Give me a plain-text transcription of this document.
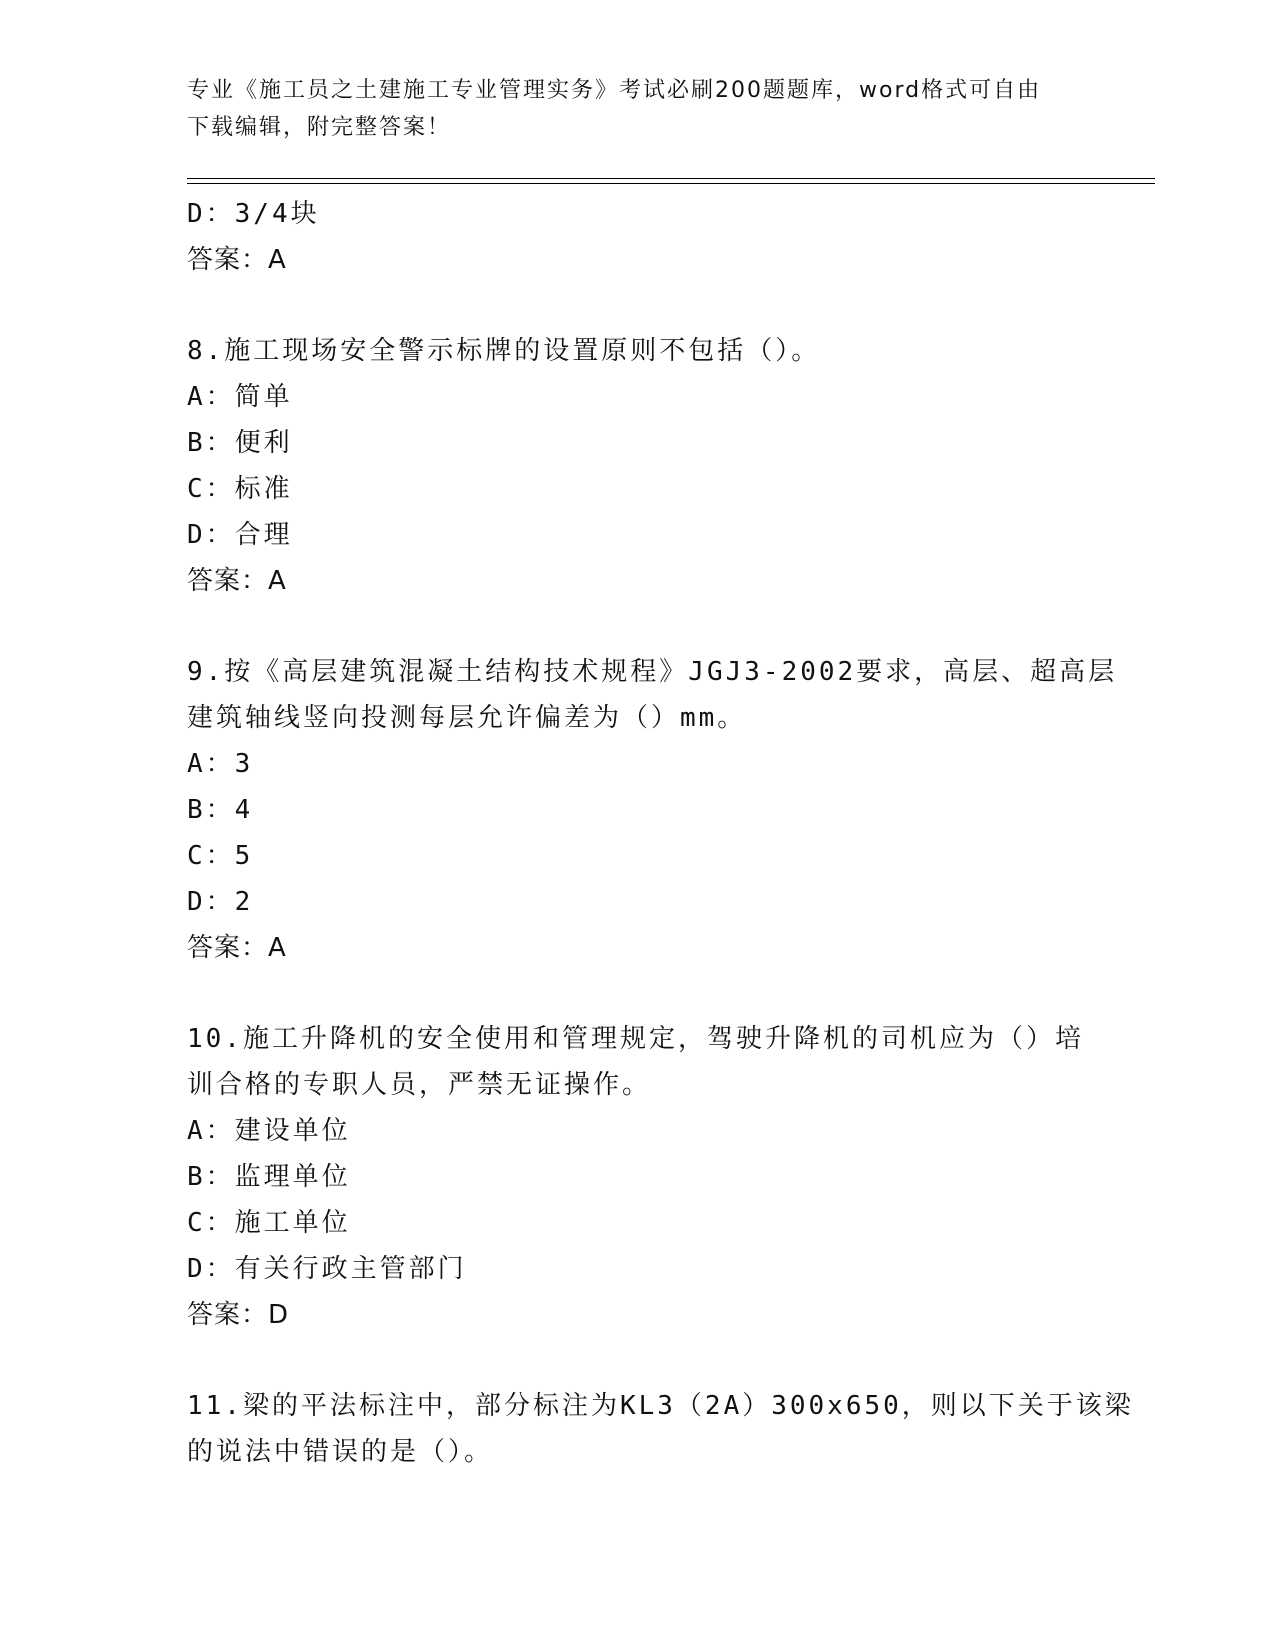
专业《施工员之土建施工专业管理实务》考试必刷200题题库，word格式可自由
下载编辑，附完整答案！
D：3/4块
答案：A
8.施工现场安全警示标牌的设置原则不包括（）。
A：简单
B：便利
C：标准
D：合理
答案：A
9.按《高层建筑混凝土结构技术规程》JGJ3-2002要求，高层、超高层
建筑轴线竖向投测每层允许偏差为（）mm。
A：3
B：4
C：5
D：2
答案：A
10.施工升降机的安全使用和管理规定，驾驶升降机的司机应为（）培
训合格的专职人员，严禁无证操作。
A：建设单位
B：监理单位
C：施工单位
D：有关行政主管部门
答案：D
11.梁的平法标注中，部分标注为KL3（2A）300x650，则以下关于该梁
的说法中错误的是（）。
